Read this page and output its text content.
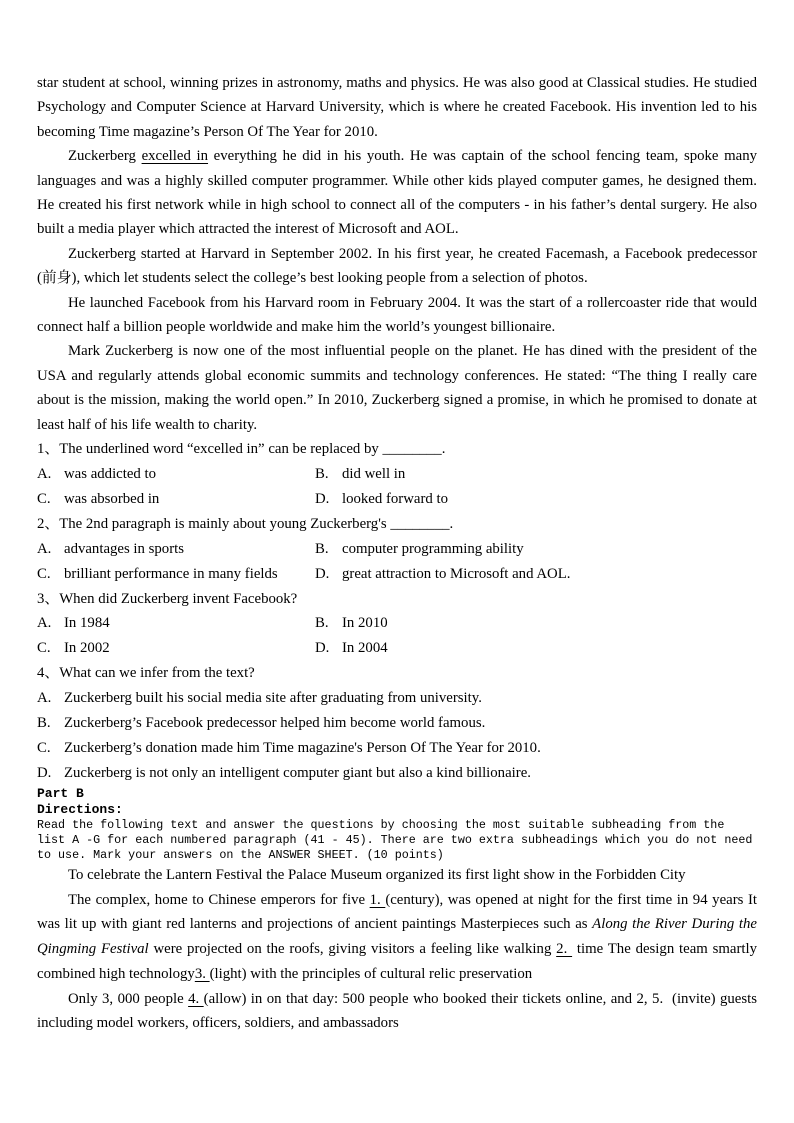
star student at school, winning prizes in astronomy, maths and physics. He was also good at Classical studies. He studied Psychology and Computer Science at Harvard University, which is where he created Facebook. His invention led to his becoming Time magazine’s Person Of The Year for 2010.

Zuckerberg excelled in everything he did in his youth. He was captain of the school fencing team, spoke many languages and was a highly skilled computer programmer. While other kids played computer games, he designed them. He created his first network while in high school to connect all of the computers - in his father’s dental surgery. He also built a media player which attracted the interest of Microsoft and AOL.

Zuckerberg started at Harvard in September 2002. In his first year, he created Facemash, a Facebook predecessor (前身), which let students select the college’s best looking people from a selection of photos.

He launched Facebook from his Harvard room in February 2004. It was the start of a rollercoaster ride that would connect half a billion people worldwide and make him the world’s youngest billionaire.

Mark Zuckerberg is now one of the most influential people on the planet. He has dined with the president of the USA and regularly attends global economic summits and technology conferences. He stated: “The thing I really care about is the mission, making the world open.” In 2010, Zuckerberg signed a promise, in which he promised to donate at least half of his life wealth to charity.

1、The underlined word “excelled in” can be replaced by ________.
A. was addicted to	B. did well in
C. was absorbed in	D. looked forward to
2、The 2nd paragraph is mainly about young Zuckerberg's ________.
A. advantages in sports	B. computer programming ability
C. brilliant performance in many fields	D. great attraction to Microsoft and AOL.
3、When did Zuckerberg invent Facebook?
A. In 1984	B. In 2010
C. In 2002	D. In 2004
4、What can we infer from the text?
A. Zuckerberg built his social media site after graduating from university.
B. Zuckerberg’s Facebook predecessor helped him become world famous.
C. Zuckerberg’s donation made him Time magazine's Person Of The Year for 2010.
D. Zuckerberg is not only an intelligent computer giant but also a kind billionaire.
Part B
Directions:
Read the following text and answer the questions by choosing the most suitable subheading from the
list A -G for each numbered paragraph (41 - 45). There are two extra subheadings which you do not need
to use. Mark your answers on the ANSWER SHEET. (10 points)

To celebrate the Lantern Festival the Palace Museum organized its first light show in the Forbidden City

The complex, home to Chinese emperors for five 1. (century), was opened at night for the first time in 94 years It was lit up with giant red lanterns and projections of ancient paintings Masterpieces such as Along the River During the Qingming Festival were projected on the roofs, giving visitors a feeling like walking 2.  time The design team smartly combined high technology3. (light) with the principles of cultural relic preservation

Only 3, 000 people 4. (allow) in on that day: 500 people who booked their tickets online, and 2, 5.  (invite) guests including model workers, officers, soldiers, and ambassadors
